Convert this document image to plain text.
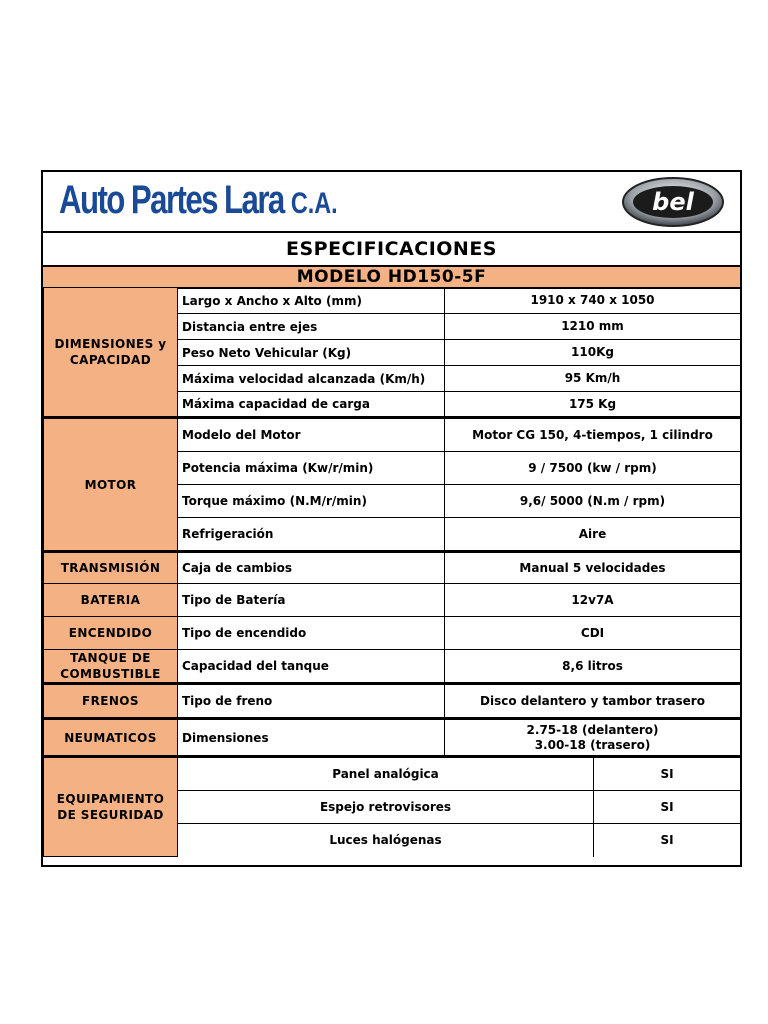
Auto Partes Lara C.A.	bel
ESPECIFICACIONES
MODELO HD150-5F
DIMENSIONES y CAPACIDAD	Largo x Ancho x Alto (mm)	1910 x 740 x 1050	
	Distancia entre ejes	1210 mm	
	Peso Neto Vehicular (Kg)	110Kg	
	Máxima velocidad alcanzada (Km/h)	95 Km/h	
	Máxima capacidad de carga	175 Kg	
MOTOR	Modelo del Motor	Motor CG 150, 4-tiempos, 1 cilindro	
	Potencia máxima (Kw/r/min)	9 / 7500 (kw / rpm)	
	Torque máximo (N.M/r/min)	9,6/ 5000 (N.m / rpm)	
	Refrigeración	Aire	
TRANSMISIÓN	Caja de cambios	Manual 5 velocidades	
BATERIA	Tipo de Batería	12v7A	
ENCENDIDO	Tipo de encendido	CDI	
TANQUE DE COMBUSTIBLE	Capacidad del tanque	8,6 litros	
FRENOS	Tipo de freno	Disco delantero y tambor trasero	
NEUMATICOS	Dimensiones	2.75-18 (delantero)
3.00-18 (trasero)	

EQUIPAMIENTO DE SEGURIDAD	Panel analógica		SI
	Espejo retrovisores		SI
	Luces halógenas		SI
